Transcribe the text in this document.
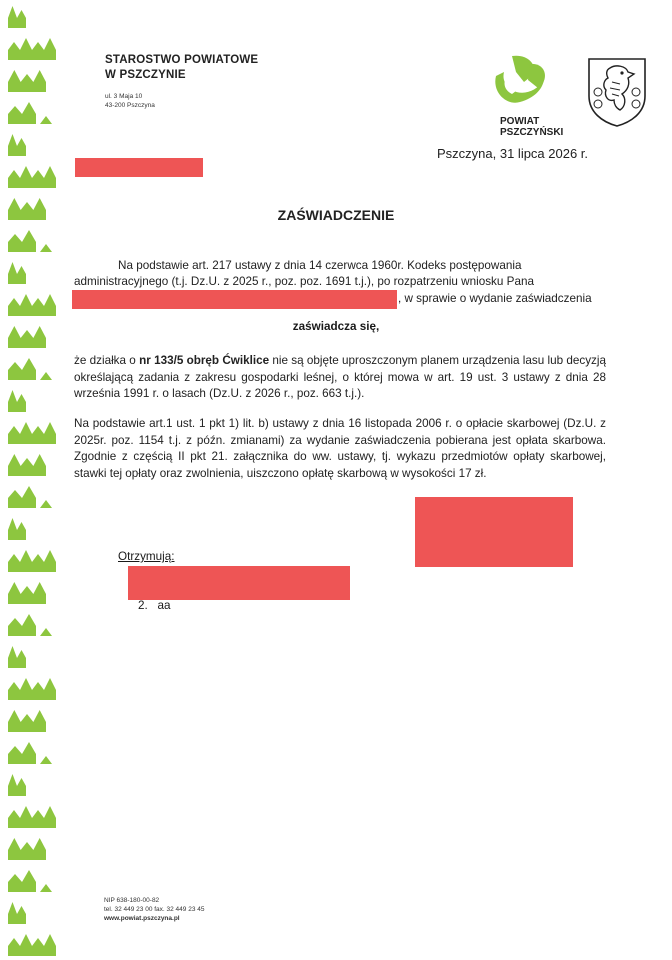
STAROSTWO POWIATOWE
W PSZCZYNIE
ul. 3 Maja 10
43-200 Pszczyna
POWIAT
PSZCZYŃSKI
Pszczyna, 31 lipca 2026 r.
ZAŚWIADCZENIE
Na podstawie art. 217 ustawy z dnia 14 czerwca 1960r. Kodeks postępowania
administracyjnego (t.j. Dz.U. z 2025 r., poz. poz. 1691 t.j.), po rozpatrzeniu wniosku Pana
, w sprawie o wydanie zaświadczenia
zaświadcza się,
że działka o nr 133/5 obręb Ćwiklice nie są objęte uproszczonym planem urządzenia lasu lub decyzją określającą zadania z zakresu gospodarki leśnej, o której mowa w art. 19 ust. 3 ustawy z dnia 28 września 1991 r. o lasach (Dz.U. z 2026 r., poz. 663 t.j.).
Na podstawie art.1 ust. 1 pkt 1) lit. b) ustawy z dnia 16 listopada 2006 r. o opłacie skarbowej (Dz.U. z 2025r. poz. 1154 t.j. z późn. zmianami) za wydanie zaświadczenia pobierana jest opłata skarbowa. Zgodnie z częścią II pkt 21. załącznika do ww. ustawy, tj. wykazu przedmiotów opłaty skarbowej, stawki tej opłaty oraz zwolnienia, uiszczono opłatę skarbową w wysokości 17 zł.
Otrzymują:
2.   aa
NIP 638-180-00-82
tel. 32 449 23 00 fax. 32 449 23 45
www.powiat.pszczyna.pl
